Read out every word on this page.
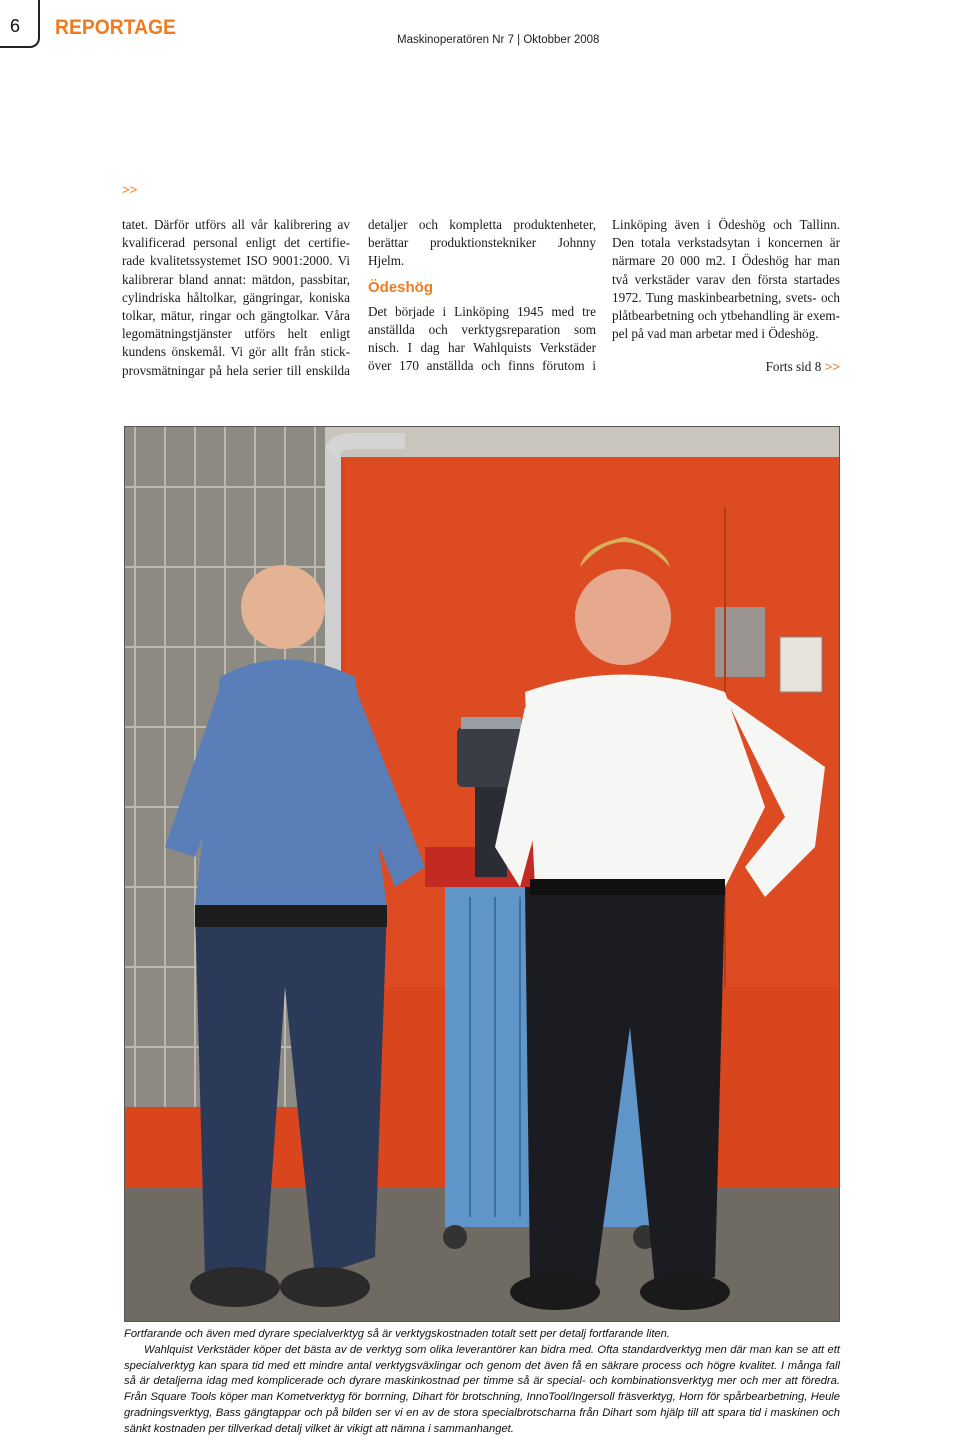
6 REPORTAGE
Maskinoperatören Nr 7 | Oktobber 2008
>>

tatet. Därför utförs all vår kalibrering av

kvalificerad personal enligt det certifie-

rade kvalitetssystemet ISO 9001:2000. Vi

kalibrerar bland annat: mätdon, passbitar,

cylindriska håltolkar, gängringar, koniska

tolkar, mätur, ringar och gängtolkar. Våra

legomätningstjänster utförs helt enligt

kundens önskemål. Vi gör allt från stick-

provsmätningar på hela serier till enskilda

detaljer och kompletta produktenheter,

berättar produktionstekniker Johnny

Hjelm.

Ödeshög

Det började i Linköping 1945 med tre

anställda och verktygsreparation som

nisch. I dag har Wahlquists Verkstäder

över 170 anställda och finns förutom i

Linköping även i Ödeshög och Tallinn.

Den totala verkstadsytan i koncernen är

närmare 20 000 m2. I Ödeshög har man

två verkstäder varav den första startades

1972. Tung maskinbearbetning, svets- och

plåtbearbetning och ytbehandling är exem-

pel på vad man arbetar med i Ödeshög.

Forts sid 8 >>

Fortfarande och även med dyrare specialverktyg så är verktygskostnaden totalt sett per detalj fortfarande liten.

Wahlquist Verkstäder köper det bästa av de verktyg som olika leverantörer kan bidra med. Ofta standardverktyg men där man kan se att ett specialverktyg kan spara tid med ett mindre antal verktygsväxlingar och genom det även få en säkrare process och högre kvalitet. I många fall så är detaljerna idag med komplicerade och dyrare maskinkostnad per timme så är special- och kombinationsverktyg mer och mer att föredra. Från Square Tools köper man Kometverktyg för borrning, Dihart för brotschning, InnoTool/Ingersoll fräsverktyg, Horn för spårbearbetning, Heule gradningsverktyg, Bass gängtappar och på bilden ser vi en av de stora specialbrotscharna från Dihart som hjälp till att spara tid i maskinen och sänkt kostnaden per tillverkad detalj vilket är vikigt att nämna i sammanhanget.
